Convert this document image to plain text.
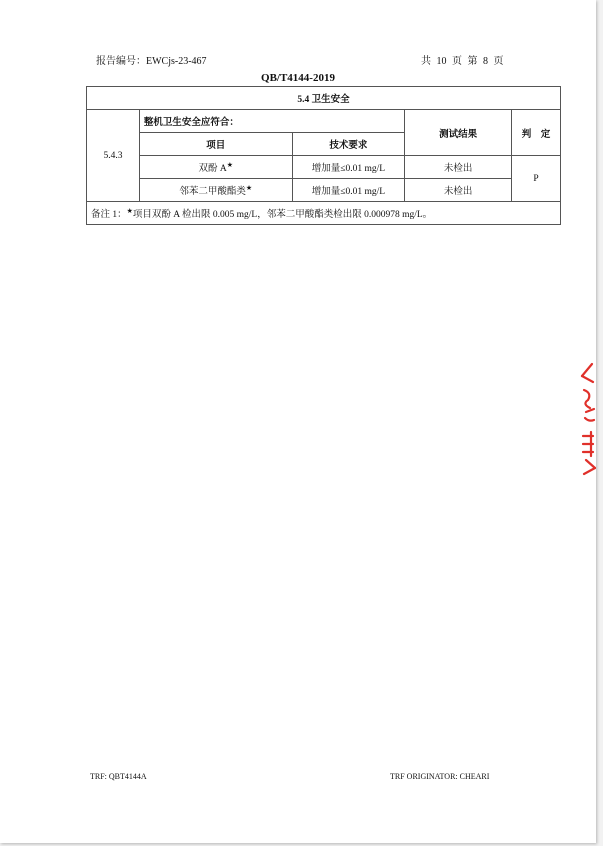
报告编号：EWCjs-23-467	共 10 页 第 8 页
QB/T4144-2019
5.4 卫生安全				
5.4.3	整机卫生安全应符合：		测试结果	判　定
	项目	技术要求		
	双酚 A★	增加量≤0.01 mg/L	未检出	P
	邻苯二甲酸酯类★	增加量≤0.01 mg/L	未检出	
备注 1：★项目双酚 A 检出限 0.005 mg/L，邻苯二甲酸酯类检出限 0.000978 mg/L。				
TRF: QBT4144A	TRF ORIGINATOR: CHEARI
